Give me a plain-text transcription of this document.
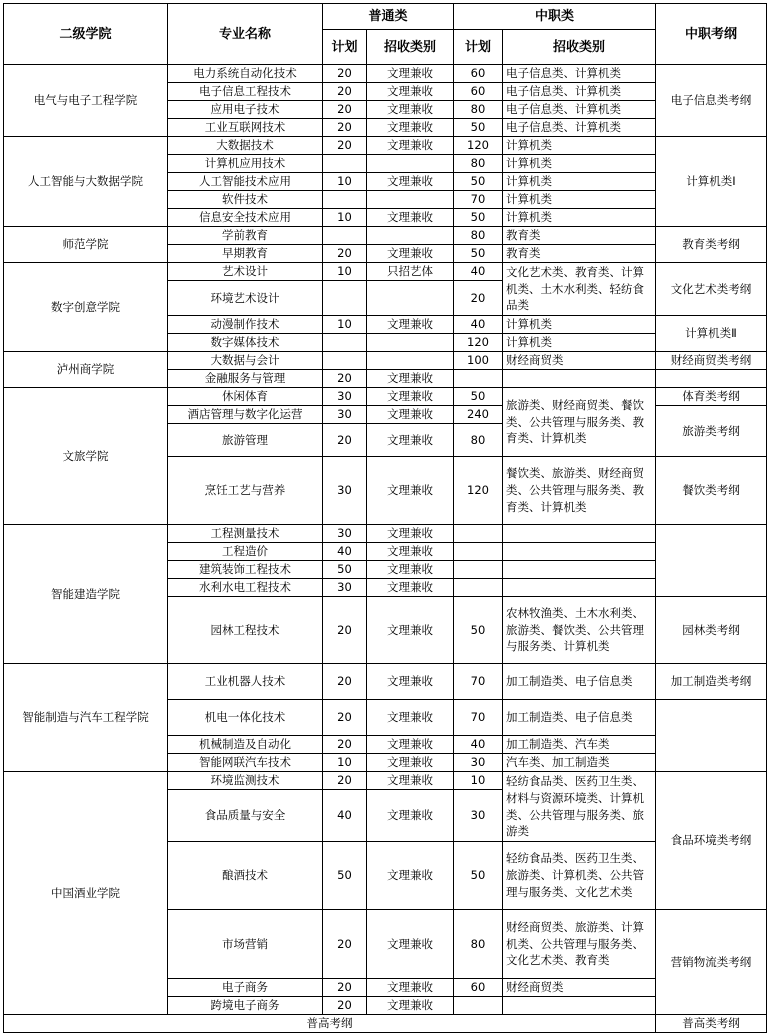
二级学院	专业名称	普通类		中职类		中职考纲
		计划	招收类别	计划	招收类别	
电气与电子工程学院	电力系统自动化技术	20	文理兼收	60	电子信息类、计算机类	电子信息类考纲
	电子信息工程技术	20	文理兼收	60	电子信息类、计算机类	
	应用电子技术	20	文理兼收	80	电子信息类、计算机类	
	工业互联网技术	20	文理兼收	50	电子信息类、计算机类	
人工智能与大数据学院	大数据技术	20	文理兼收	120	计算机类	计算机类Ⅰ
	计算机应用技术			80	计算机类	
	人工智能技术应用	10	文理兼收	50	计算机类	
	软件技术			70	计算机类	
	信息安全技术应用	10	文理兼收	50	计算机类	
师范学院	学前教育			80	教育类	教育类考纲
	早期教育	20	文理兼收	50	教育类	
数字创意学院	艺术设计	10	只招艺体	40	文化艺术类、教育类、计算机类、土木水利类、轻纺食品类	文化艺术类考纲
	环境艺术设计			20		
	动漫制作技术	10	文理兼收	40	计算机类	计算机类Ⅱ
	数字媒体技术			120	计算机类	
泸州商学院	大数据与会计			100	财经商贸类	财经商贸类考纲
	金融服务与管理	20	文理兼收			
文旅学院	休闲体育	30	文理兼收	50	旅游类、财经商贸类、餐饮类、公共管理与服务类、教育类、计算机类	体育类考纲
	酒店管理与数字化运营	30	文理兼收	240		旅游类考纲
	旅游管理	20	文理兼收	80		
	烹饪工艺与营养	30	文理兼收	120	餐饮类、旅游类、财经商贸类、公共管理与服务类、教育类、计算机类	餐饮类考纲
智能建造学院	工程测量技术	30	文理兼收			
	工程造价	40	文理兼收			
	建筑装饰工程技术	50	文理兼收			
	水利水电工程技术	30	文理兼收			
	园林工程技术	20	文理兼收	50	农林牧渔类、土木水利类、旅游类、餐饮类、公共管理与服务类、计算机类	园林类考纲
智能制造与汽车工程学院	工业机器人技术	20	文理兼收	70	加工制造类、电子信息类	加工制造类考纲
	机电一体化技术	20	文理兼收	70	加工制造类、电子信息类	
	机械制造及自动化	20	文理兼收	40	加工制造类、汽车类	
	智能网联汽车技术	10	文理兼收	30	汽车类、加工制造类	
中国酒业学院	环境监测技术	20	文理兼收	10	轻纺食品类、医药卫生类、材料与资源环境类、计算机类、公共管理与服务类、旅游类	食品环境类考纲
	食品质量与安全	40	文理兼收	30		
	酿酒技术	50	文理兼收	50	轻纺食品类、医药卫生类、旅游类、计算机类、公共管理与服务类、文化艺术类	
	市场营销	20	文理兼收	80	财经商贸类、旅游类、计算机类、公共管理与服务类、文化艺术类、教育类	营销物流类考纲
	电子商务	20	文理兼收	60	财经商贸类	
	跨境电子商务	20	文理兼收			
普高考纲						普高类考纲
